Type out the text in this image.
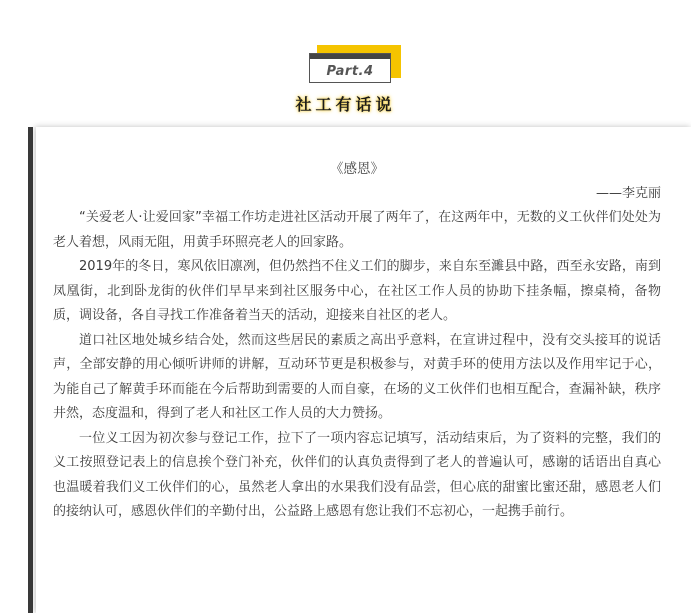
Part.4
社工有话说

《感恩》

——李克丽

“关爱老人·让爱回家”幸福工作坊走进社区活动开展了两年了，在这两年中，无数的义工伙伴们处处为老人着想，风雨无阻，用黄手环照亮老人的回家路。

2019年的冬日，寒风依旧凛冽，但仍然挡不住义工们的脚步，来自东至濉县中路，西至永安路，南到凤凰街，北到卧龙街的伙伴们早早来到社区服务中心，在社区工作人员的协助下挂条幅，擦桌椅，备物质，调设备，各自寻找工作准备着当天的活动，迎接来自社区的老人。

道口社区地处城乡结合处，然而这些居民的素质之高出乎意料，在宣讲过程中，没有交头接耳的说话声，全部安静的用心倾听讲师的讲解，互动环节更是积极参与，对黄手环的使用方法以及作用牢记于心，为能自己了解黄手环而能在今后帮助到需要的人而自豪，在场的义工伙伴们也相互配合，查漏补缺，秩序井然，态度温和，得到了老人和社区工作人员的大力赞扬。

一位义工因为初次参与登记工作，拉下了一项内容忘记填写，活动结束后，为了资料的完整，我们的义工按照登记表上的信息挨个登门补充，伙伴们的认真负责得到了老人的普遍认可，感谢的话语出自真心也温暖着我们义工伙伴们的心，虽然老人拿出的水果我们没有品尝，但心底的甜蜜比蜜还甜，感恩老人们的接纳认可，感恩伙伴们的辛勤付出，公益路上感恩有您让我们不忘初心，一起携手前行。
